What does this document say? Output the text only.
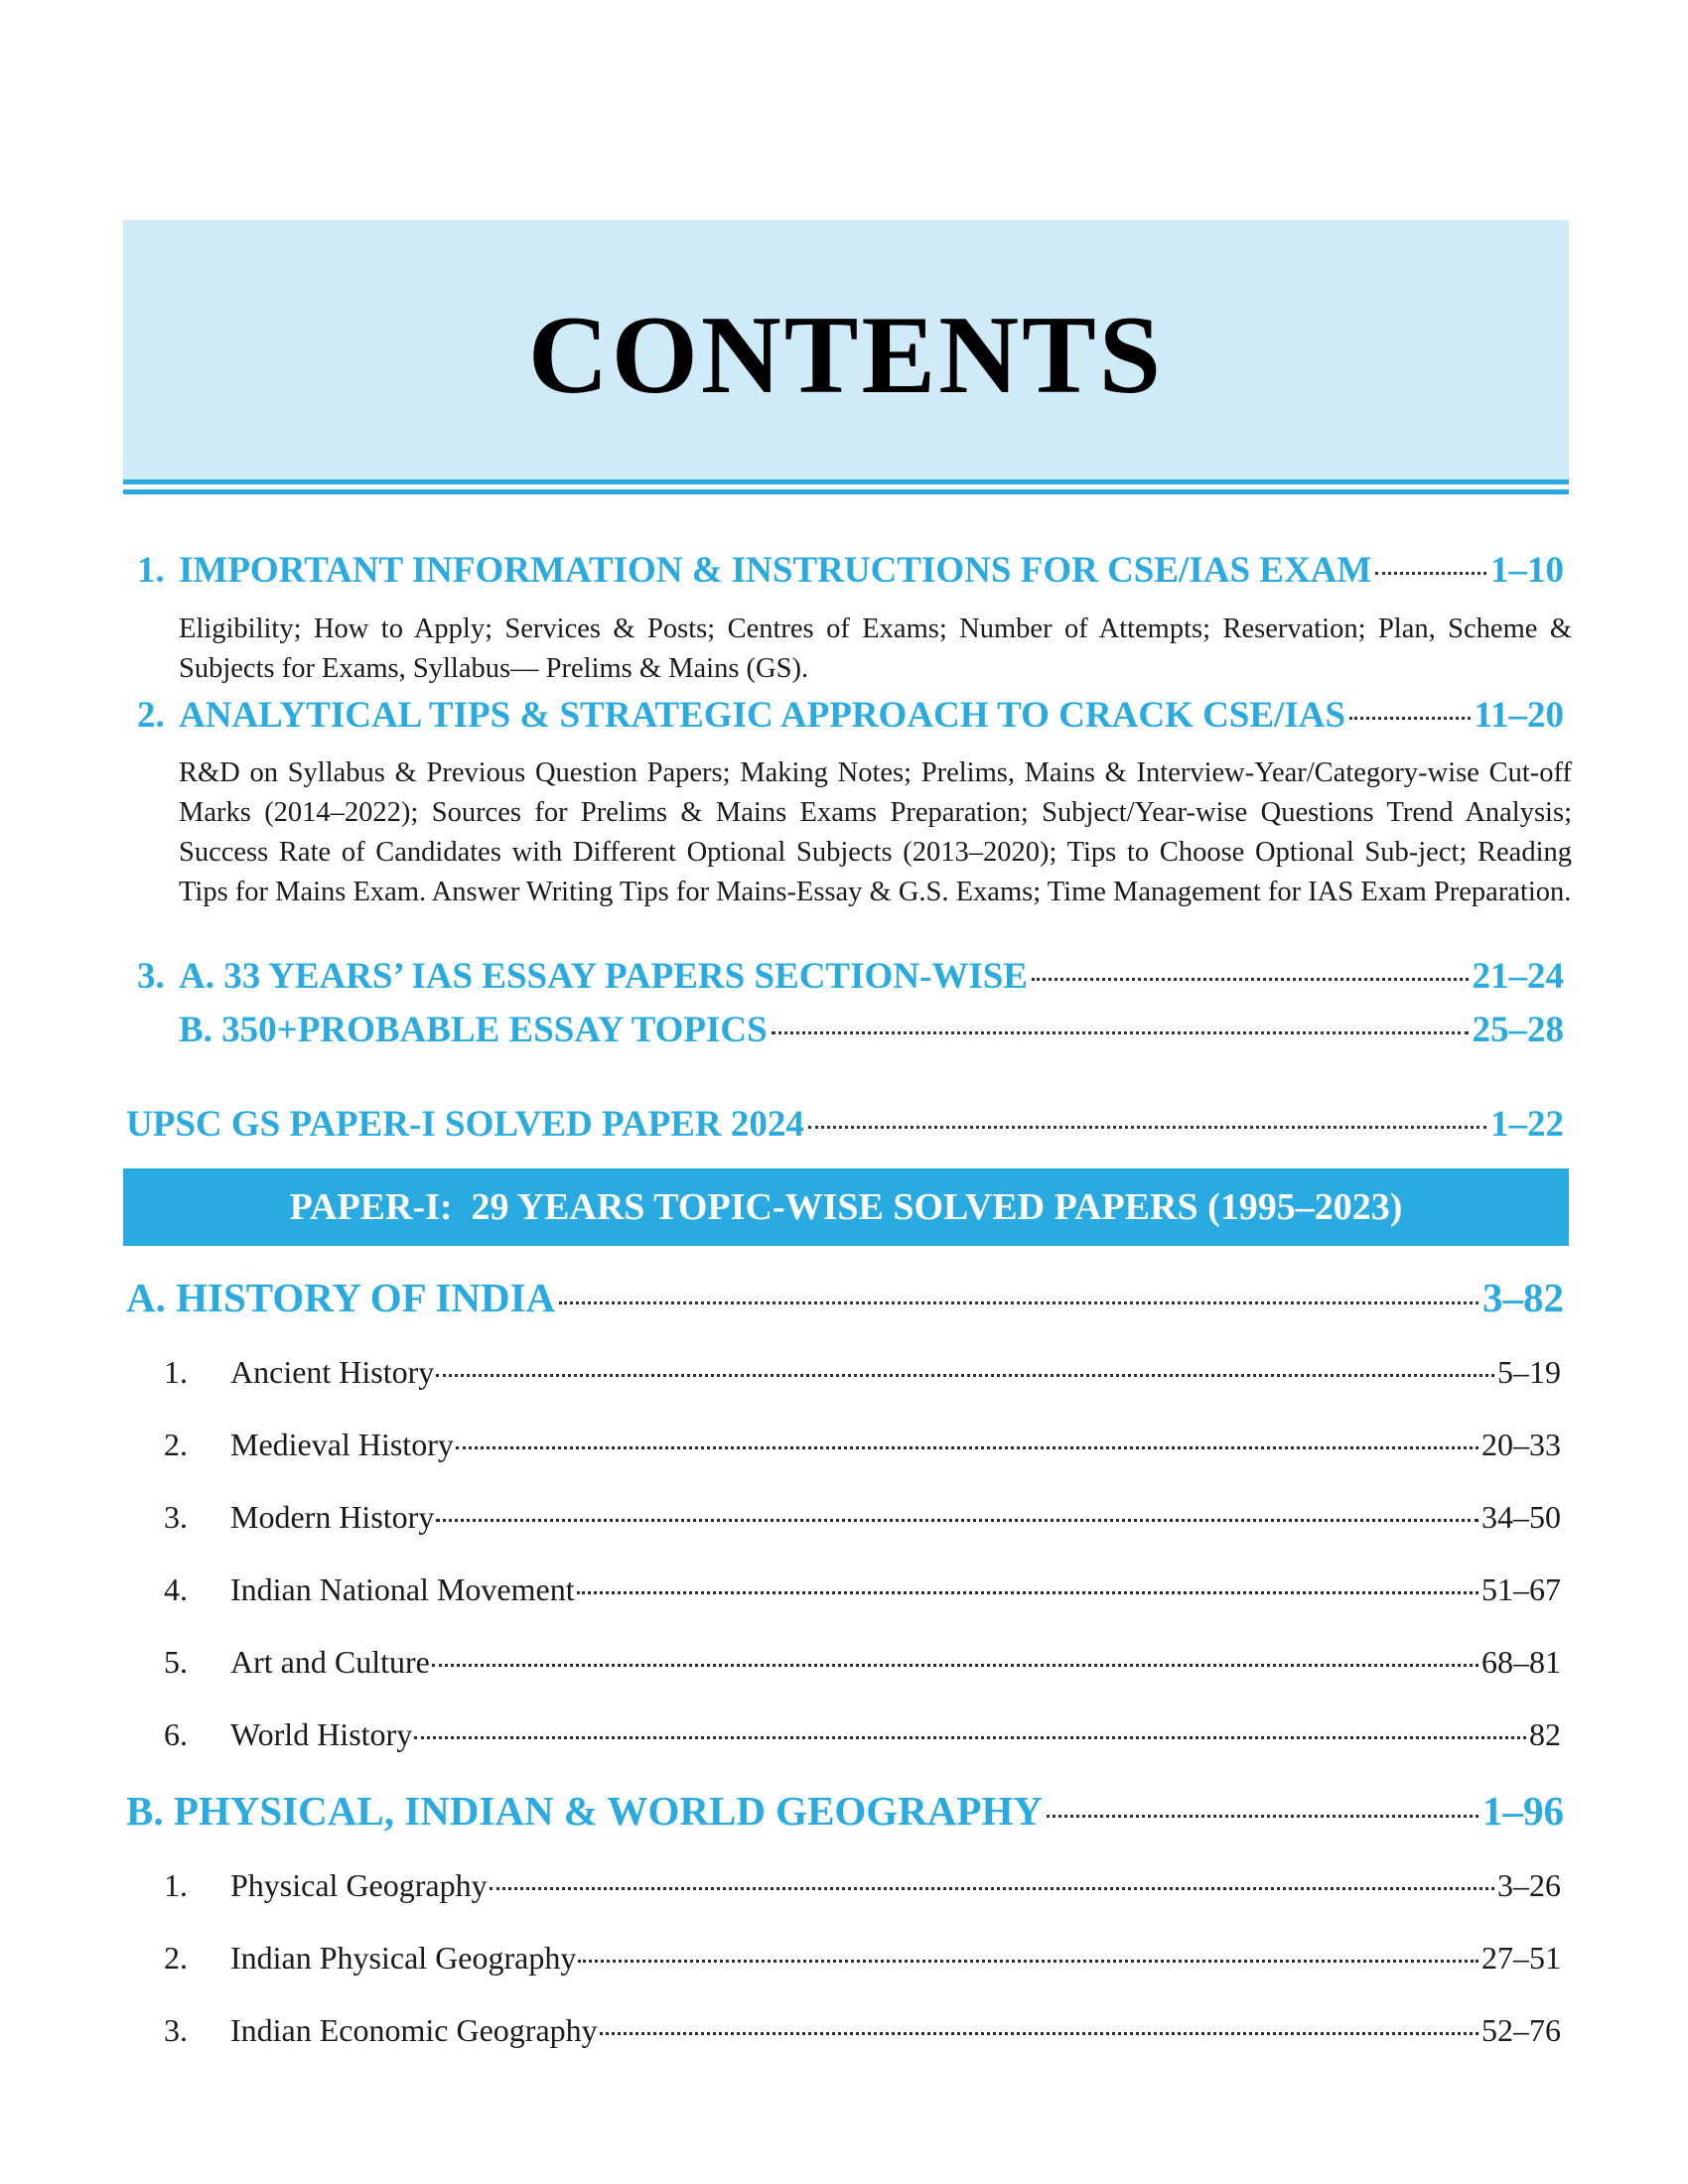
CONTENTS
1. IMPORTANT INFORMATION & INSTRUCTIONS FOR CSE/IAS EXAM	1–10
Eligibility; How to Apply; Services & Posts; Centres of Exams; Number of Attempts; Reservation; Plan, Scheme & Subjects for Exams, Syllabus— Prelims & Mains (GS).
2. ANALYTICAL TIPS & STRATEGIC APPROACH TO CRACK CSE/IAS	11–20
R&D on Syllabus & Previous Question Papers; Making Notes; Prelims, Mains & Interview-Year/Category-wise Cut-off Marks (2014–2022); Sources for Prelims & Mains Exams Preparation; Subject/Year-wise Questions Trend Analysis; Success Rate of Candidates with Different Optional Subjects (2013–2020); Tips to Choose Optional Sub-ject; Reading Tips for Mains Exam. Answer Writing Tips for Mains-Essay & G.S. Exams; Time Management for IAS Exam Preparation.
3. A. 33 YEARS’ IAS ESSAY PAPERS SECTION-WISE	21–24
B. 350+PROBABLE ESSAY TOPICS	25–28
UPSC GS PAPER-I SOLVED PAPER 2024	1–22
PAPER-I:  29 YEARS TOPIC-WISE SOLVED PAPERS (1995–2023)
A. HISTORY OF INDIA	3–82
1.	Ancient History	5–19
2.	Medieval History	20–33
3.	Modern History	34–50
4.	Indian National Movement	51–67
5.	Art and Culture	68–81
6.	World History	82
B. PHYSICAL, INDIAN & WORLD GEOGRAPHY	1–96
1.	Physical Geography	3–26
2.	Indian Physical Geography	27–51
3.	Indian Economic Geography	52–76
